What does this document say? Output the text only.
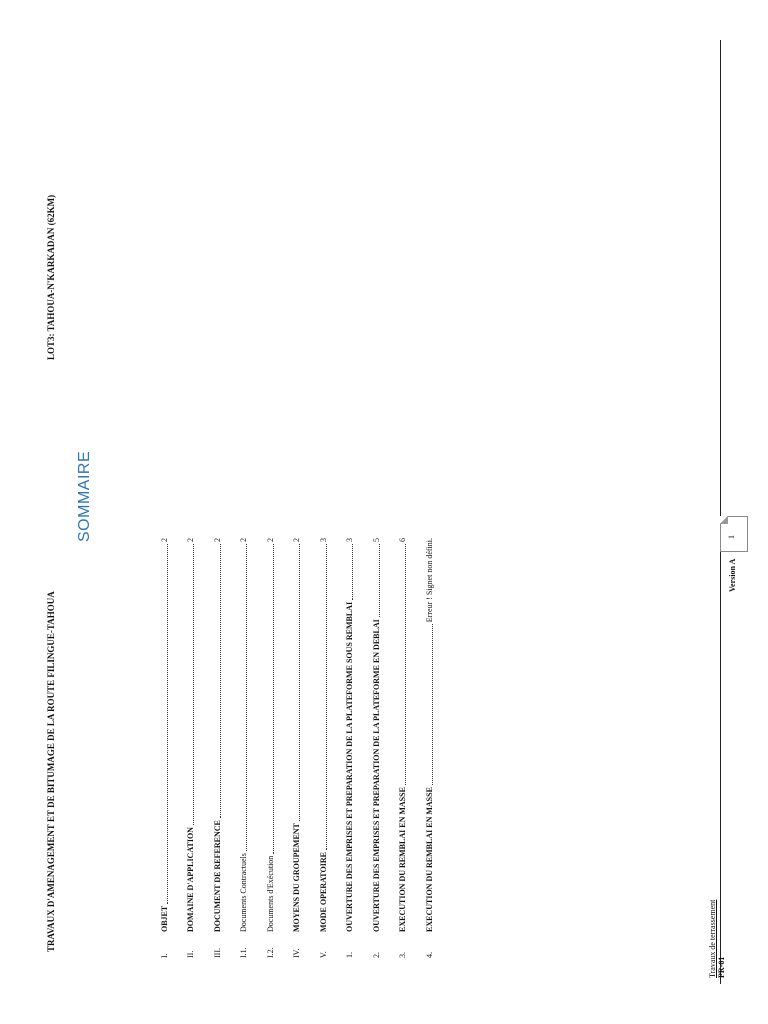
TRAVAUX D'AMENAGEMENT ET DE BITUMAGE DE LA ROUTE FILINGUE-TAHOUA
LOT3: TAHOUA-N'KARKADAN (62KM)
SOMMAIRE
I.
OBJET
2
II.
DOMAINE D'APPLICATION
2
III.
DOCUMENT DE REFERENCE
2
I.1.
Documents Contractuels
2
I.2.
Documents d'Exécution
2
IV.
MOYENS DU GROUPEMENT
2
V.
MODE OPERATOIRE
3
1.
OUVERTURE DES EMPRISES ET PREPARATION DE LA PLATEFORME SOUS REMBLAI
3
2.
OUVERTURE DES EMPRISES ET PREPARATION DE LA PLATEFORME EN DEBLAI
5
3.
EXECUTION DU REMBLAI EN MASSE
6
4.
EXECUTION DU REMBLAI EN MASSE
Erreur ! Signet non défini.
Travaux de terrassement PR-01
Version A
1
